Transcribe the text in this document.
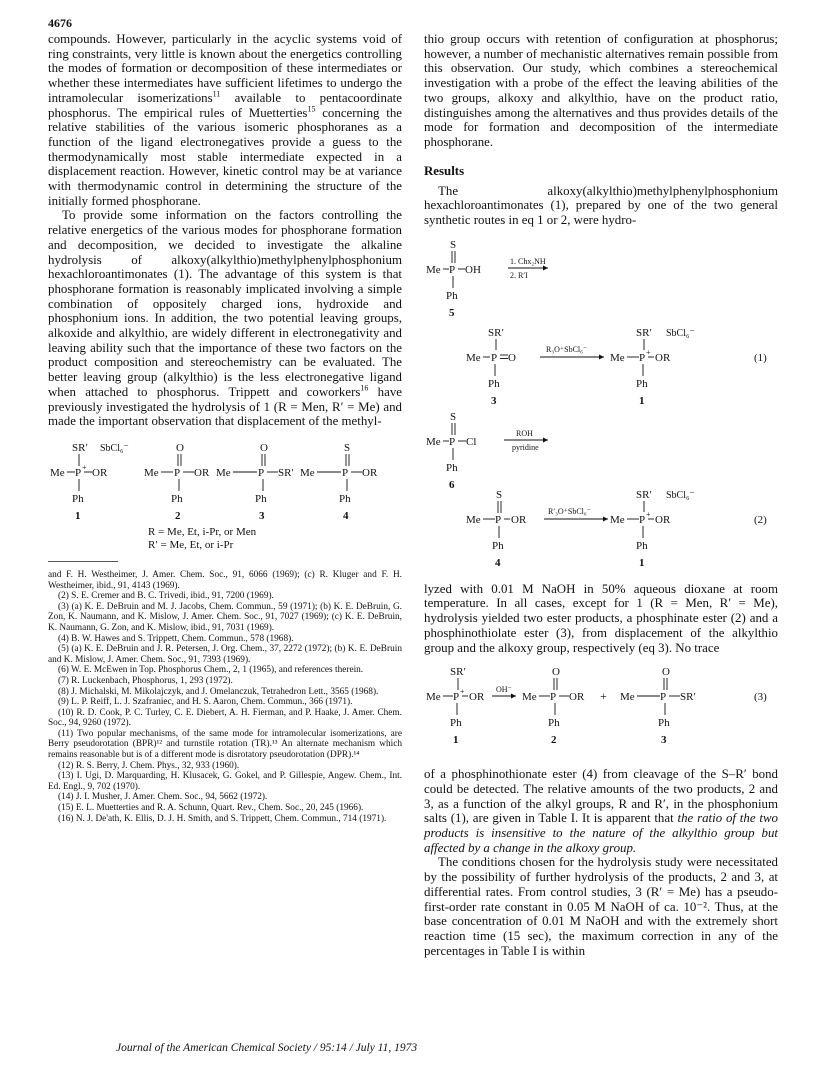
4676

compounds. However, particularly in the acyclic systems void of ring constraints, very little is known about the energetics controlling the modes of formation or decomposition of these intermediates or whether these intermediates have sufficient lifetimes to undergo the intramolecular isomerizations$^{11}$ available to pentacoordinate phosphorus. The empirical rules of Muetterties$^{15}$ concerning the relative stabilities of the various isomeric phosphoranes as a function of the ligand electronegatives provide a guess to the thermodynamically most stable intermediate expected in a displacement reaction. However, kinetic control may be at variance with thermodynamic control in determining the structure of the initially formed phosphorane.

To provide some information on the factors controlling the relative energetics of the various modes for phosphorane formation and decomposition, we decided to investigate the alkaline hydrolysis of alkoxy(alkylthio)methylphenylphosphonium hexachloroantimonates (1). The advantage of this system is that phosphorane formation is reasonably implicated involving a simple combination of oppositely charged ions, hydroxide and phosphonium ions. In addition, the two potential leaving groups, alkoxide and alkylthio, are widely different in electronegativity and leaving ability such that the importance of these two factors on the product composition and stereochemistry can be evaluated. The better leaving group (alkylthio) is the less electronegative ligand when attached to phosphorus. Trippett and coworkers$^{16}$ have previously investigated the hydrolysis of 1 (R = Men, R′ = Me) and made the important observation that displacement of the methyl-

SR′ SbCl₆⁻
Me P + OR
Ph
1
O
Me P OR
Ph
2
O
Me P SR′
Ph
3
S
Me P OR
Ph
4
R = Me, Et, i-Pr, or Men
R′ = Me, Et, or i-Pr
and F. H. Westheimer, J. Amer. Chem. Soc., 91, 6066 (1969); (c) R. Kluger and F. H. Westheimer, ibid., 91, 4143 (1969).
(2) S. E. Cremer and B. C. Trivedi, ibid., 91, 7200 (1969).
(3) (a) K. E. DeBruin and M. J. Jacobs, Chem. Commun., 59 (1971); (b) K. E. DeBruin, G. Zon, K. Naumann, and K. Mislow, J. Amer. Chem. Soc., 91, 7027 (1969); (c) K. E. DeBruin, K. Naumann, G. Zon, and K. Mislow, ibid., 91, 7031 (1969).
(4) B. W. Hawes and S. Trippett, Chem. Commun., 578 (1968).
(5) (a) K. E. DeBruin and J. R. Petersen, J. Org. Chem., 37, 2272 (1972); (b) K. E. DeBruin and K. Mislow, J. Amer. Chem. Soc., 91, 7393 (1969).
(6) W. E. McEwen in Top. Phosphorus Chem., 2, 1 (1965), and references therein.
(7) R. Luckenbach, Phosphorus, 1, 293 (1972).
(8) J. Michalski, M. Mikolajczyk, and J. Omelanczuk, Tetrahedron Lett., 3565 (1968).
(9) L. P. Reiff, L. J. Szafraniec, and H. S. Aaron, Chem. Commun., 366 (1971).
(10) R. D. Cook, P. C. Turley, C. E. Diebert, A. H. Fierman, and P. Haake, J. Amer. Chem. Soc., 94, 9260 (1972).
(11) Two popular mechanisms, of the same mode for intramolecular isomerizations, are Berry pseudorotation (BPR)¹² and turnstile rotation (TR).¹³ An alternate mechanism which remains reasonable but is of a different mode is disrotatory pseudorotation (DPR).¹⁴
(12) R. S. Berry, J. Chem. Phys., 32, 933 (1960).
(13) I. Ugi, D. Marquarding, H. Klusacek, G. Gokel, and P. Gillespie, Angew. Chem., Int. Ed. Engl., 9, 702 (1970).
(14) J. I. Musher, J. Amer. Chem. Soc., 94, 5662 (1972).
(15) E. L. Muetterties and R. A. Schunn, Quart. Rev., Chem. Soc., 20, 245 (1966).
(16) N. J. De'ath, K. Ellis, D. J. H. Smith, and S. Trippett, Chem. Commun., 714 (1971).

thio group occurs with retention of configuration at phosphorus; however, a number of mechanistic alternatives remain possible from this observation. Our study, which combines a stereochemical investigation with a probe of the effect the leaving abilities of the two groups, alkoxy and alkylthio, have on the product ratio, distinguishes among the alternatives and thus provides details of the mode for formation and decomposition of the intermediate phosphorane.

Results

The alkoxy(alkylthio)methylphenylphosphonium hexachloroantimonates (1), prepared by one of the two general synthetic routes in eq 1 or 2, were hydro-

S
Me P OH
Ph
5
1. Chx₂NH
2. R′I
SR′
Me P O
Ph
3
R₃O⁺SbCl₆⁻
SR′ SbCl₆⁻
Me P + OR
Ph
1
(1)
S
Me P Cl
Ph
6
ROH
pyridine
S
Me P OR
Ph
4
R′₃O⁺SbCl₆⁻
SR′ SbCl₆⁻
Me P + OR
Ph
1
(2)

lyzed with 0.01 M NaOH in 50% aqueous dioxane at room temperature. In all cases, except for 1 (R = Men, R′ = Me), hydrolysis yielded two ester products, a phosphinate ester (2) and a phosphinothiolate ester (3), from displacement of the alkylthio group and the alkoxy group, respectively (eq 3). No trace

SR′
Me P + OR
Ph
1
OH⁻
O
Me P OR
Ph
2
+
O
Me P SR′
Ph
3
(3)

of a phosphinothionate ester (4) from cleavage of the S–R′ bond could be detected. The relative amounts of the two products, 2 and 3, as a function of the alkyl groups, R and R′, in the phosphonium salts (1), are given in Table I. It is apparent that the ratio of the two products is insensitive to the nature of the alkylthio group but affected by a change in the alkoxy group.

The conditions chosen for the hydrolysis study were necessitated by the possibility of further hydrolysis of the products, 2 and 3, at differential rates. From control studies, 3 (R′ = Me) has a pseudo-first-order rate constant in 0.05 M NaOH of ca. 10⁻². Thus, at the base concentration of 0.01 M NaOH and with the extremely short reaction time (15 sec), the maximum correction in any of the percentages in Table I is within

Journal of the American Chemical Society / 95:14 / July 11, 1973
